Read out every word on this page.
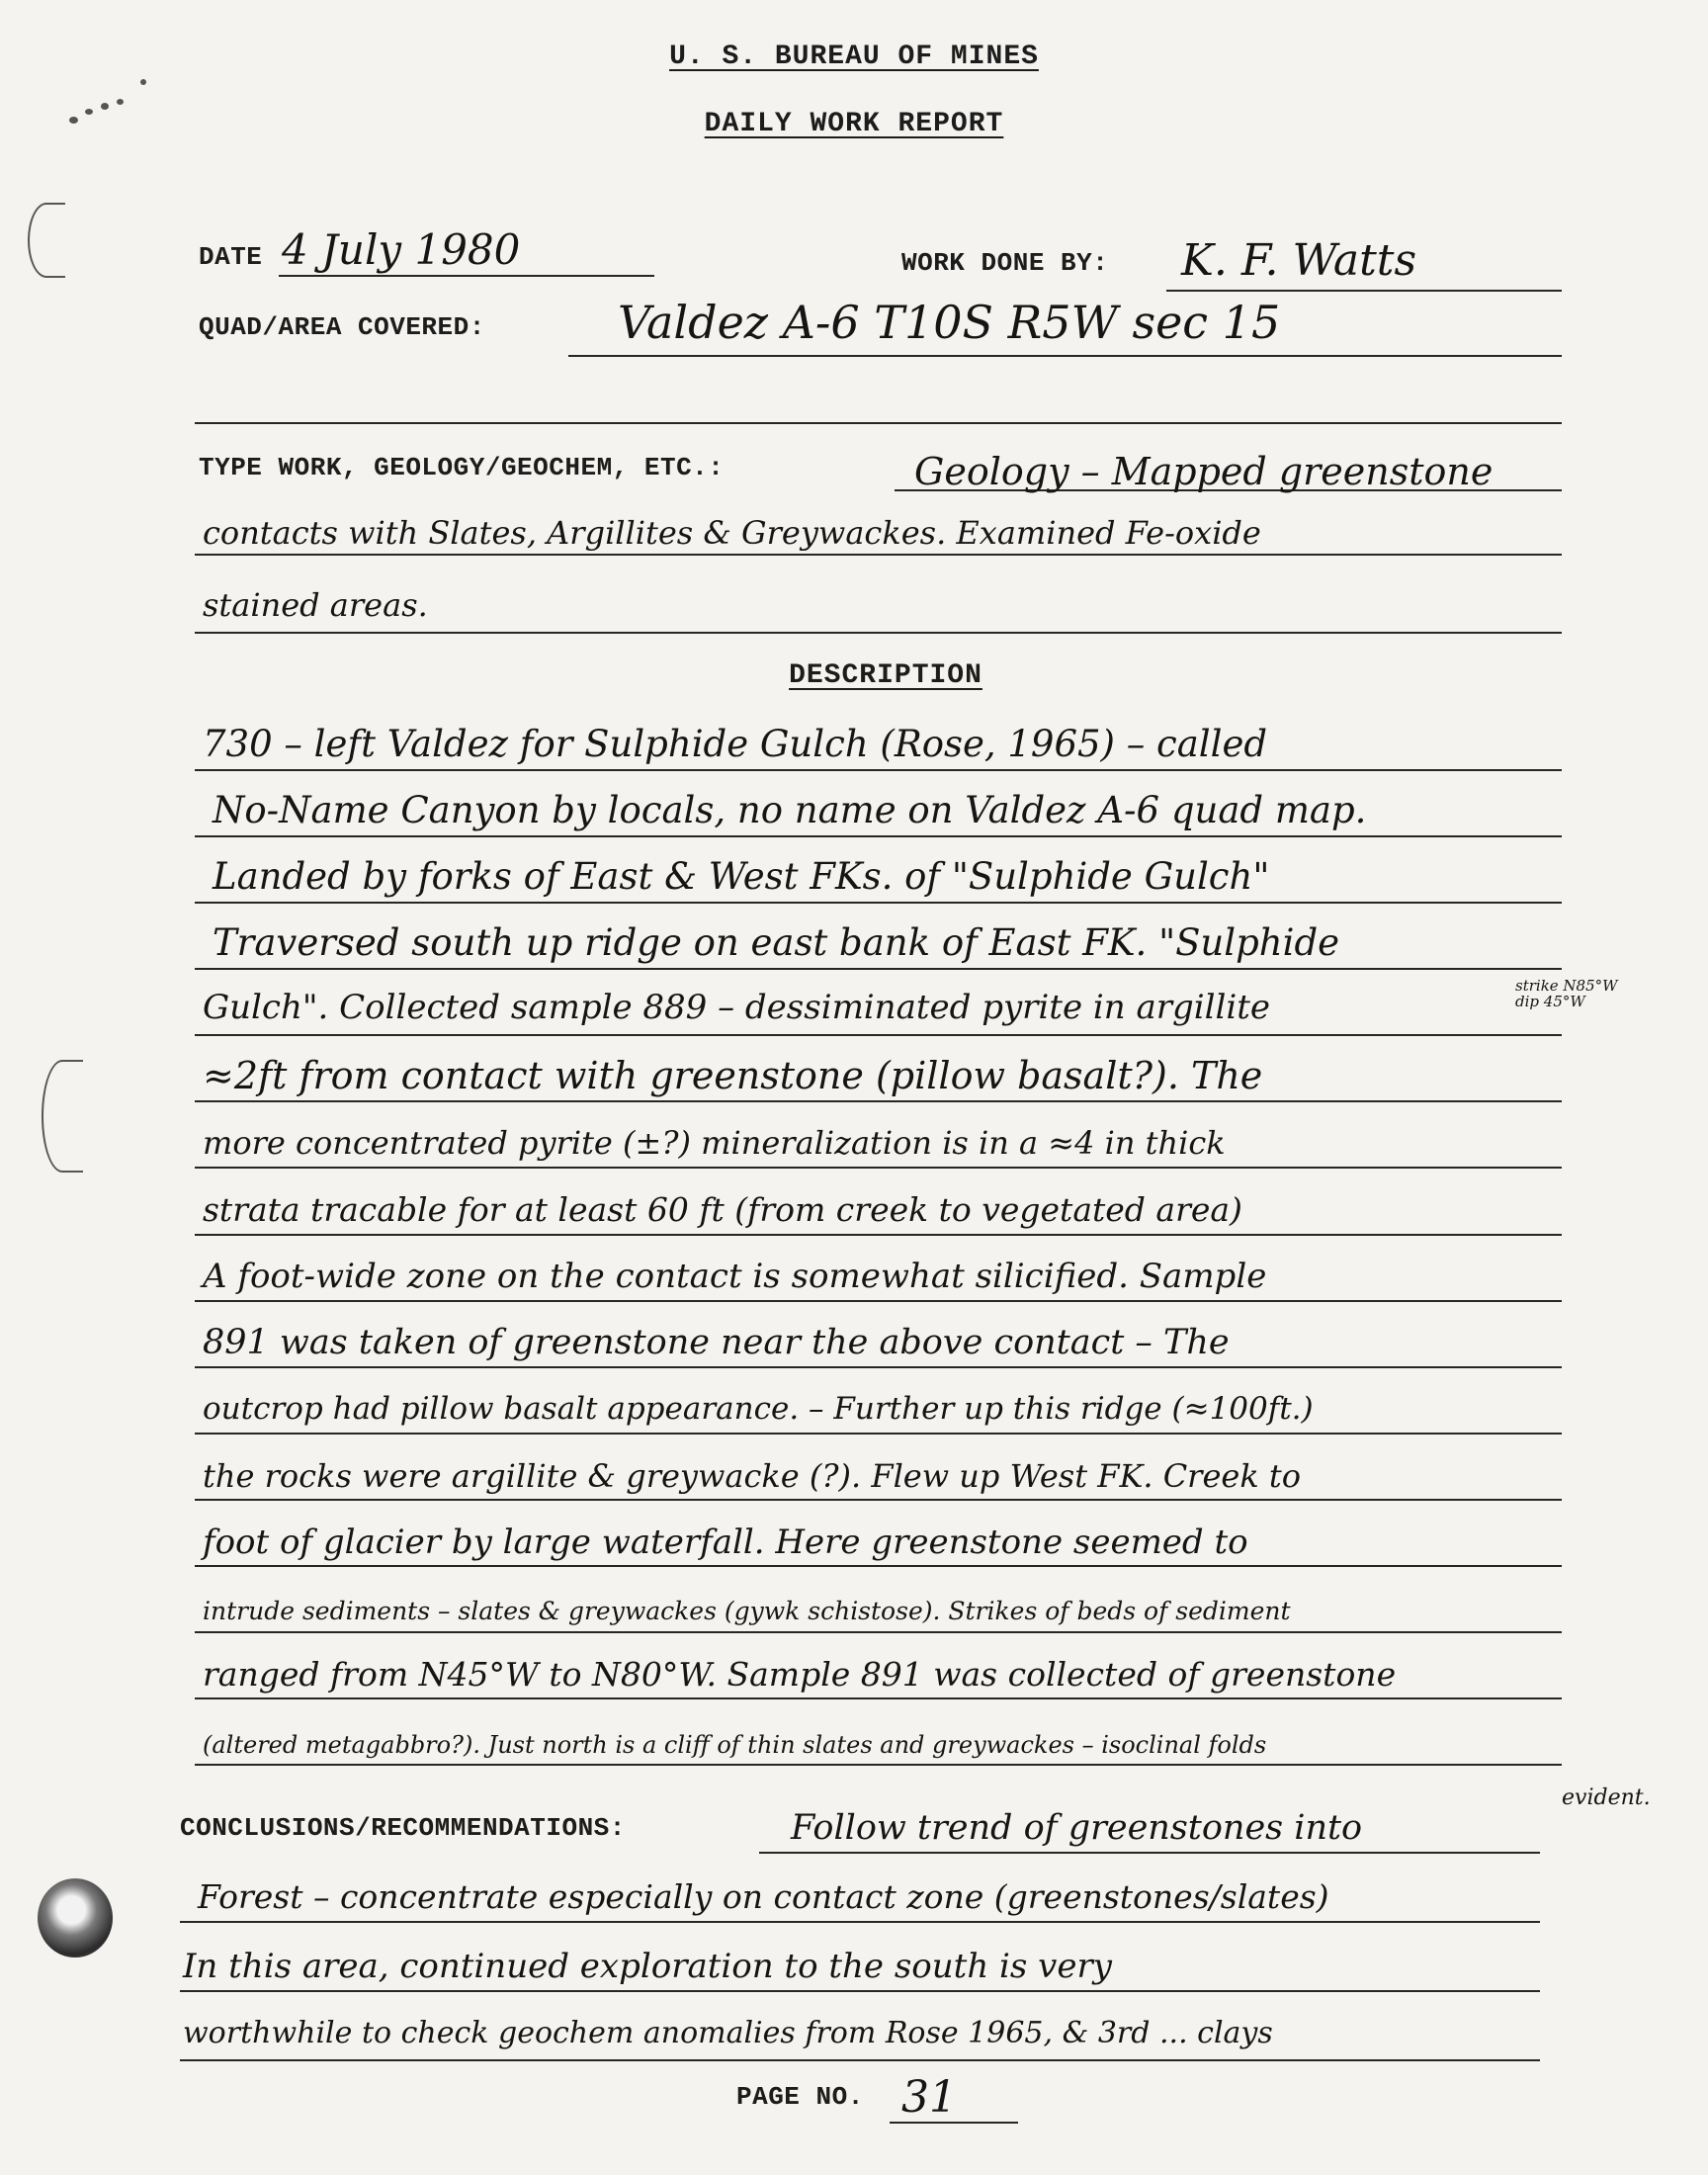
U. S. BUREAU OF MINES
DAILY WORK REPORT
DATE 4 July 1980	WORK DONE BY: K. F. Watts
QUAD/AREA COVERED:	Valdez A-6 T10S R5W sec 15
TYPE WORK, GEOLOGY/GEOCHEM, ETC.:	Geology – Mapped greenstone
contacts with Slates, Argillites & Greywackes. Examined Fe-oxide
stained areas.
DESCRIPTION
730 – left Valdez for Sulphide Gulch (Rose, 1965) – called
No-Name Canyon by locals, no name on Valdez A-6 quad map.
Landed by forks of East & West FKs. of "Sulphide Gulch"
Traversed south up ridge on east bank of East FK. "Sulphide
Gulch". Collected sample 889 – dessiminated pyrite in argillite
strike N85°W
dip 45°W
≈2ft from contact with greenstone (pillow basalt?). The
more concentrated pyrite (±?) mineralization is in a ≈4 in thick
strata tracable for at least 60 ft (from creek to vegetated area)
A foot-wide zone on the contact is somewhat silicified. Sample
891 was taken of greenstone near the above contact – The
outcrop had pillow basalt appearance. – Further up this ridge (≈100ft.)
the rocks were argillite & greywacke (?). Flew up West FK. Creek to
foot of glacier by large waterfall. Here greenstone seemed to
intrude sediments – slates & greywackes (gywk schistose). Strikes of beds of sediment
ranged from N45°W to N80°W. Sample 891 was collected of greenstone
(altered metagabbro?). Just north is a cliff of thin slates and greywackes – isoclinal folds
evident.
CONCLUSIONS/RECOMMENDATIONS:	Follow trend of greenstones into
Forest – concentrate especially on contact zone (greenstones/slates)
In this area, continued exploration to the south is very
worthwhile to check geochem anomalies from Rose 1965, & 3rd ... clays
PAGE NO. 31
